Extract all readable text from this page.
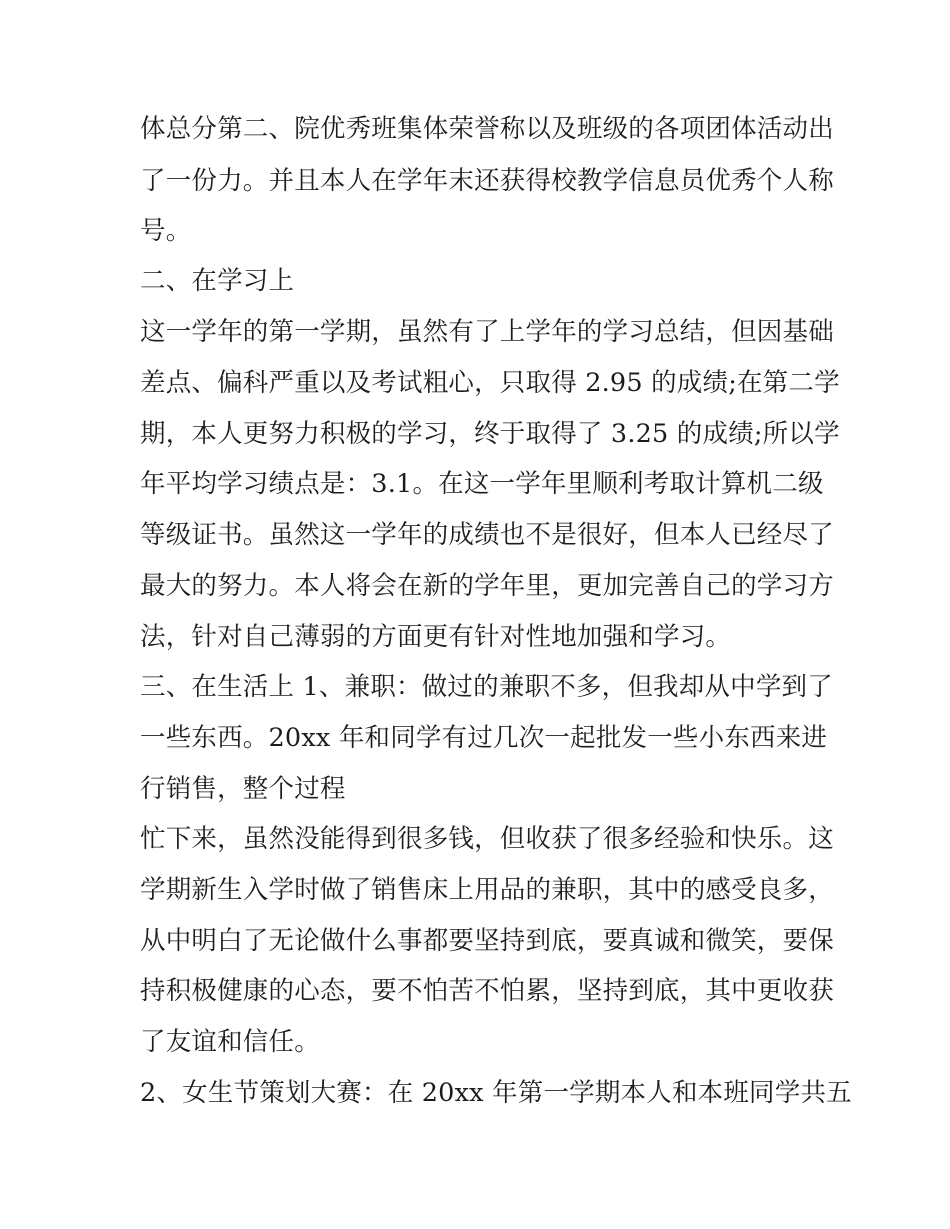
体总分第二、院优秀班集体荣誉称以及班级的各项团体活动出
了一份力。并且本人在学年末还获得校教学信息员优秀个人称
号。
二、在学习上
这一学年的第一学期，虽然有了上学年的学习总结，但因基础
差点、偏科严重以及考试粗心，只取得 2.95 的成绩;在第二学
期，本人更努力积极的学习，终于取得了 3.25 的成绩;所以学
年平均学习绩点是：3.1。在这一学年里顺利考取计算机二级
等级证书。虽然这一学年的成绩也不是很好，但本人已经尽了
最大的努力。本人将会在新的学年里，更加完善自己的学习方
法，针对自己薄弱的方面更有针对性地加强和学习。
三、在生活上 1、兼职：做过的兼职不多，但我却从中学到了
一些东西。20xx 年和同学有过几次一起批发一些小东西来进
行销售，整个过程
忙下来，虽然没能得到很多钱，但收获了很多经验和快乐。这
学期新生入学时做了销售床上用品的兼职，其中的感受良多，
从中明白了无论做什么事都要坚持到底，要真诚和微笑，要保
持积极健康的心态，要不怕苦不怕累，坚持到底，其中更收获
了友谊和信任。
2、女生节策划大赛：在 20xx 年第一学期本人和本班同学共五
